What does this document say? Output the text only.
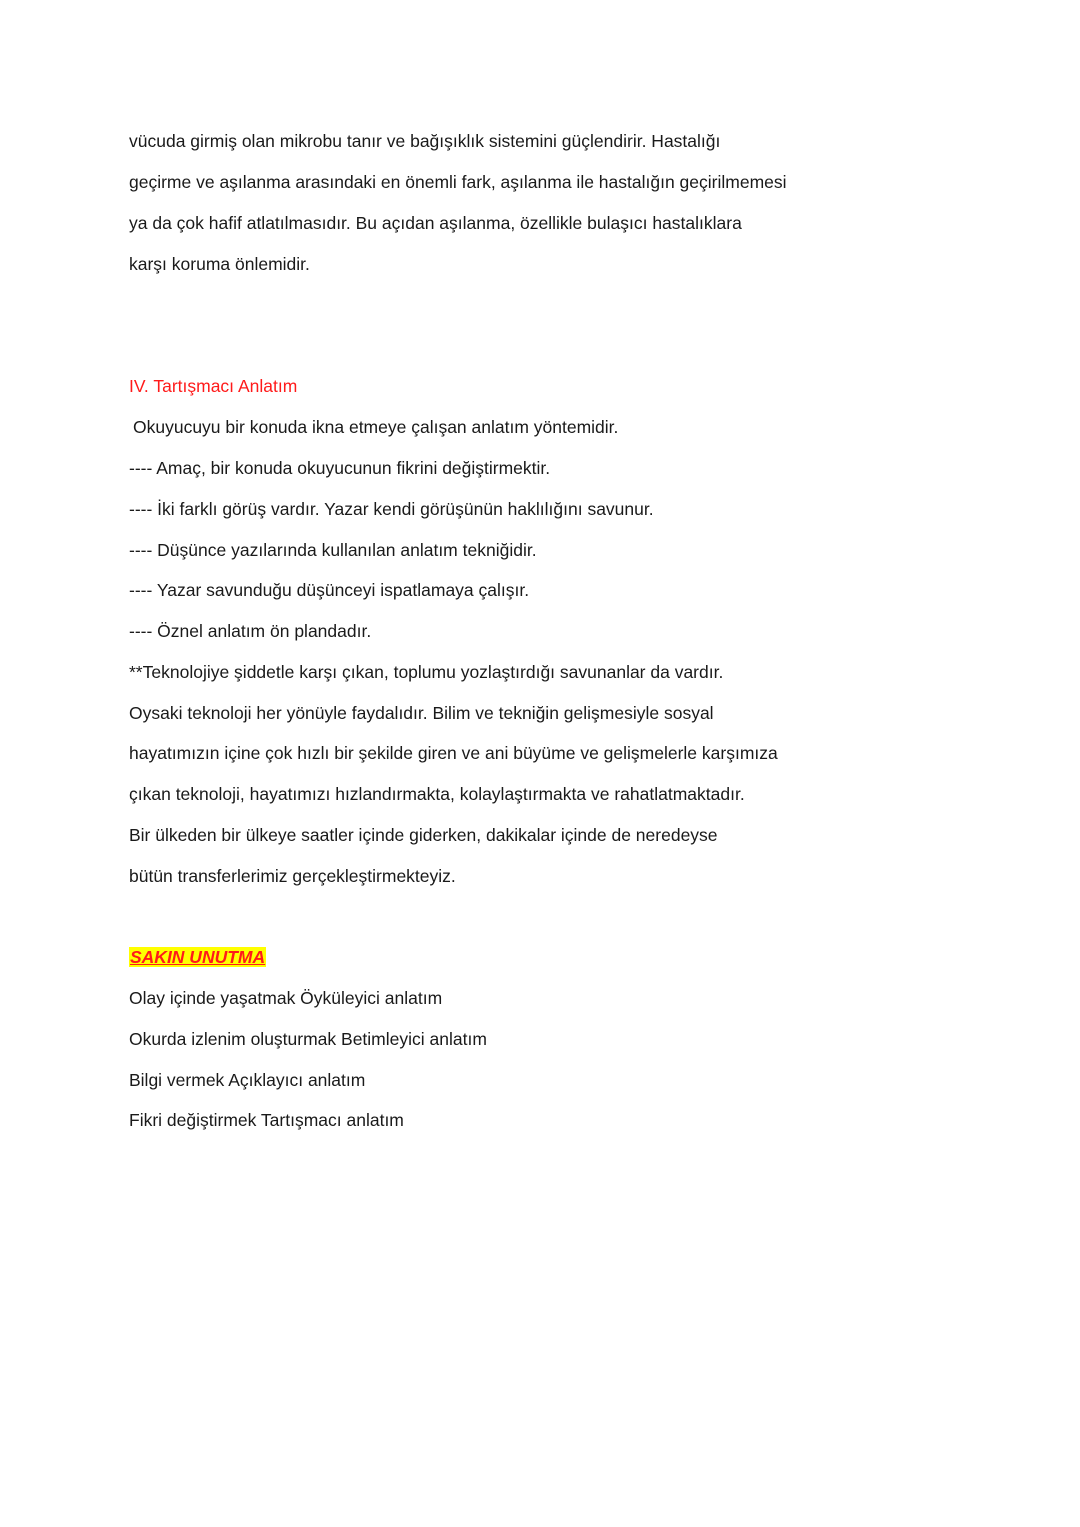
vücuda girmiş olan mikrobu tanır ve bağışıklık sistemini güçlendirir. Hastalığı
geçirme ve aşılanma arasındaki en önemli fark, aşılanma ile hastalığın geçirilmemesi
ya da çok hafif atlatılmasıdır. Bu açıdan aşılanma, özellikle bulaşıcı hastalıklara
karşı koruma önlemidir.
IV. Tartışmacı Anlatım
Okuyucuyu bir konuda ikna etmeye çalışan anlatım yöntemidir.
---- Amaç, bir konuda okuyucunun fikrini değiştirmektir.
---- İki farklı görüş vardır. Yazar kendi görüşünün haklılığını savunur.
---- Düşünce yazılarında kullanılan anlatım tekniğidir.
---- Yazar savunduğu düşünceyi ispatlamaya çalışır.
---- Öznel anlatım ön plandadır.
**Teknolojiye şiddetle karşı çıkan, toplumu yozlaştırdığı savunanlar da vardır.
Oysaki teknoloji her yönüyle faydalıdır. Bilim ve tekniğin gelişmesiyle sosyal
hayatımızın içine çok hızlı bir şekilde giren ve ani büyüme ve gelişmelerle karşımıza
çıkan teknoloji, hayatımızı hızlandırmakta, kolaylaştırmakta ve rahatlatmaktadır.
Bir ülkeden bir ülkeye saatler içinde giderken, dakikalar içinde de neredeyse
bütün transferlerimiz gerçekleştirmekteyiz.
SAKIN UNUTMA
Olay içinde yaşatmak Öyküleyici anlatım
Okurda izlenim oluşturmak Betimleyici anlatım
Bilgi vermek Açıklayıcı anlatım
Fikri değiştirmek Tartışmacı anlatım
